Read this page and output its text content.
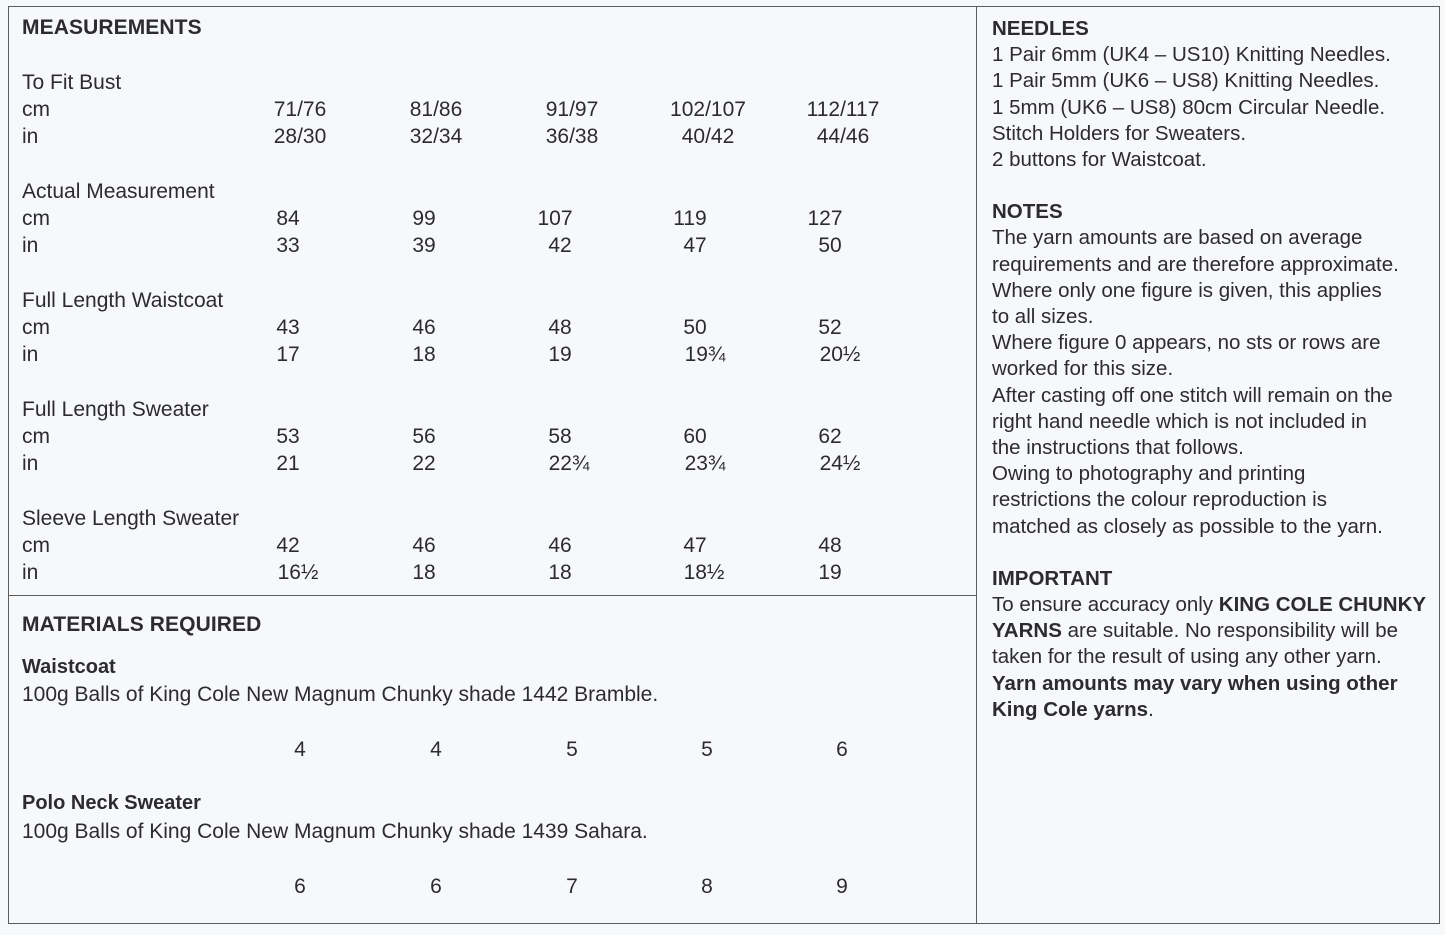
MEASUREMENTS
To Fit Bust
cm	71/76	81/86	91/97	102/107	112/117
in	28/30	32/34	36/38	40/42	44/46
Actual Measurement
cm	84	99	107	119	127
in	33	39	42	47	50
Full Length Waistcoat
cm	43	46	48	50	52
in	17	18	19	19¾	20½
Full Length Sweater
cm	53	56	58	60	62
in	21	22	22¾	23¾	24½
Sleeve Length Sweater
cm	42	46	46	47	48
in	16½	18	18	18½	19
MATERIALS REQUIRED
Waistcoat
100g Balls of King Cole New Magnum Chunky shade 1442 Bramble.
4	4	5	5	6
Polo Neck Sweater
100g Balls of King Cole New Magnum Chunky shade 1439 Sahara.
6	6	7	8	9
NEEDLES
1 Pair 6mm (UK4 – US10) Knitting Needles.
1 Pair 5mm (UK6 – US8) Knitting Needles.
1 5mm (UK6 – US8) 80cm Circular Needle.
Stitch Holders for Sweaters.
2 buttons for Waistcoat.
NOTES
The yarn amounts are based on average
requirements and are therefore approximate.
Where only one figure is given, this applies
to all sizes.
Where figure 0 appears, no sts or rows are
worked for this size.
After casting off one stitch will remain on the
right hand needle which is not included in
the instructions that follows.
Owing to photography and printing
restrictions the colour reproduction is
matched as closely as possible to the yarn.
IMPORTANT
To ensure accuracy only KING COLE CHUNKY
YARNS are suitable. No responsibility will be
taken for the result of using any other yarn.
Yarn amounts may vary when using other
King Cole yarns.
